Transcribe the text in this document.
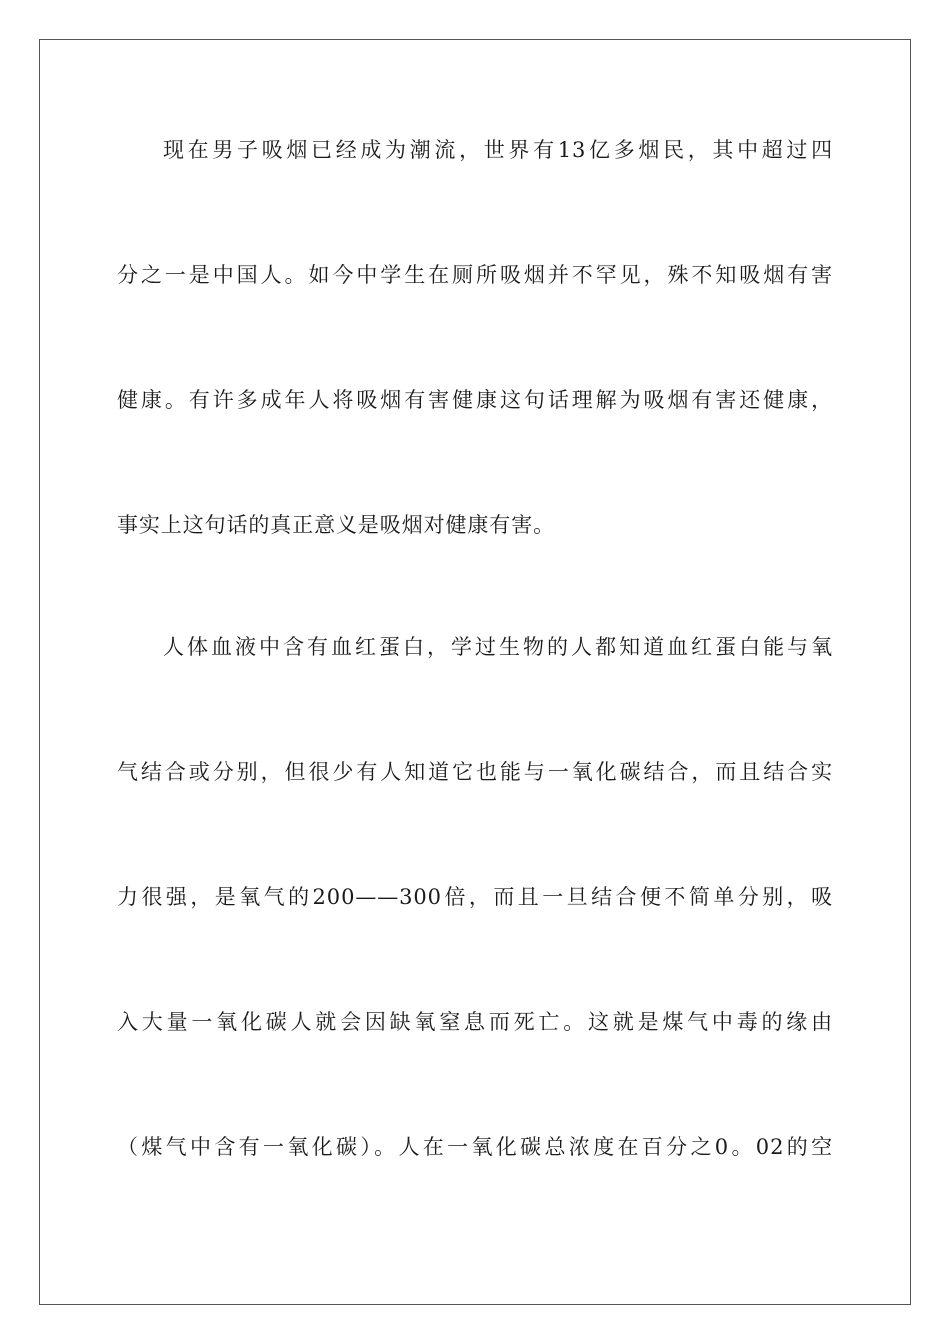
现在男子吸烟已经成为潮流，世界有13亿多烟民，其中超过四
分之一是中国人。如今中学生在厕所吸烟并不罕见，殊不知吸烟有害
健康。有许多成年人将吸烟有害健康这句话理解为吸烟有害还健康，
事实上这句话的真正意义是吸烟对健康有害。
人体血液中含有血红蛋白，学过生物的人都知道血红蛋白能与氧
气结合或分别，但很少有人知道它也能与一氧化碳结合，而且结合实
力很强，是氧气的200——300倍，而且一旦结合便不简单分别，吸
入大量一氧化碳人就会因缺氧窒息而死亡。这就是煤气中毒的缘由
（煤气中含有一氧化碳）。人在一氧化碳总浓度在百分之0。02的空
